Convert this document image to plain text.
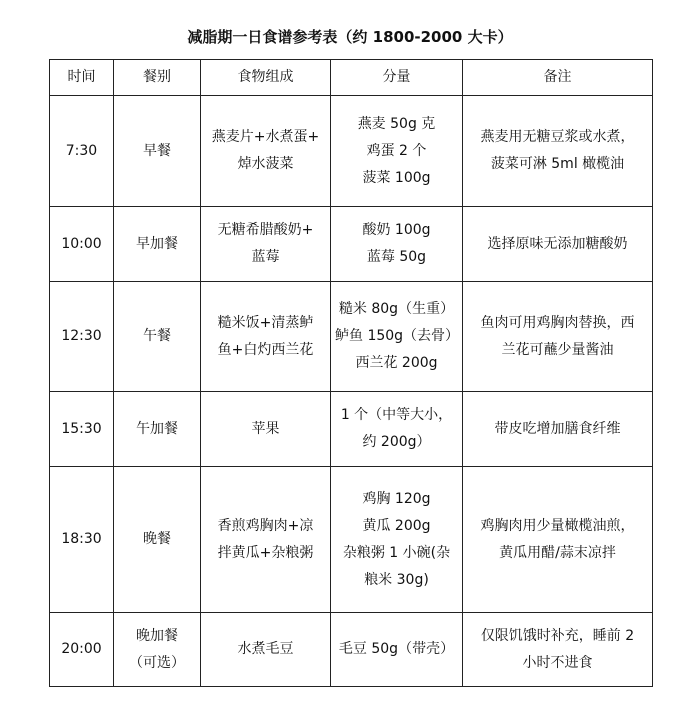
减脂期一日食谱参考表（约 1800-2000 大卡）
时间	餐别	食物组成	分量	备注
7:30	早餐	燕麦片+水煮蛋+
焯水菠菜	燕麦 50g 克
鸡蛋 2 个
菠菜 100g	燕麦用无糖豆浆或水煮，
菠菜可淋 5ml 橄榄油

10:00	早加餐	无糖希腊酸奶+
蓝莓	酸奶 100g
蓝莓 50g	选择原味无添加糖酸奶

12:30	午餐	糙米饭+清蒸鲈
鱼+白灼西兰花	糙米 80g（生重）
鲈鱼 150g（去骨）
西兰花 200g	鱼肉可用鸡胸肉替换，西
兰花可蘸少量酱油

15:30	午加餐	苹果	1 个（中等大小，
约 200g）	带皮吃增加膳食纤维

18:30	晚餐	香煎鸡胸肉+凉
拌黄瓜+杂粮粥	鸡胸 120g
黄瓜 200g
杂粮粥 1 小碗(杂
粮米 30g)	鸡胸肉用少量橄榄油煎，
黄瓜用醋/蒜末凉拌

20:00	晚加餐
（可选）	水煮毛豆	毛豆 50g（带壳）	仅限饥饿时补充，睡前 2
小时不进食
